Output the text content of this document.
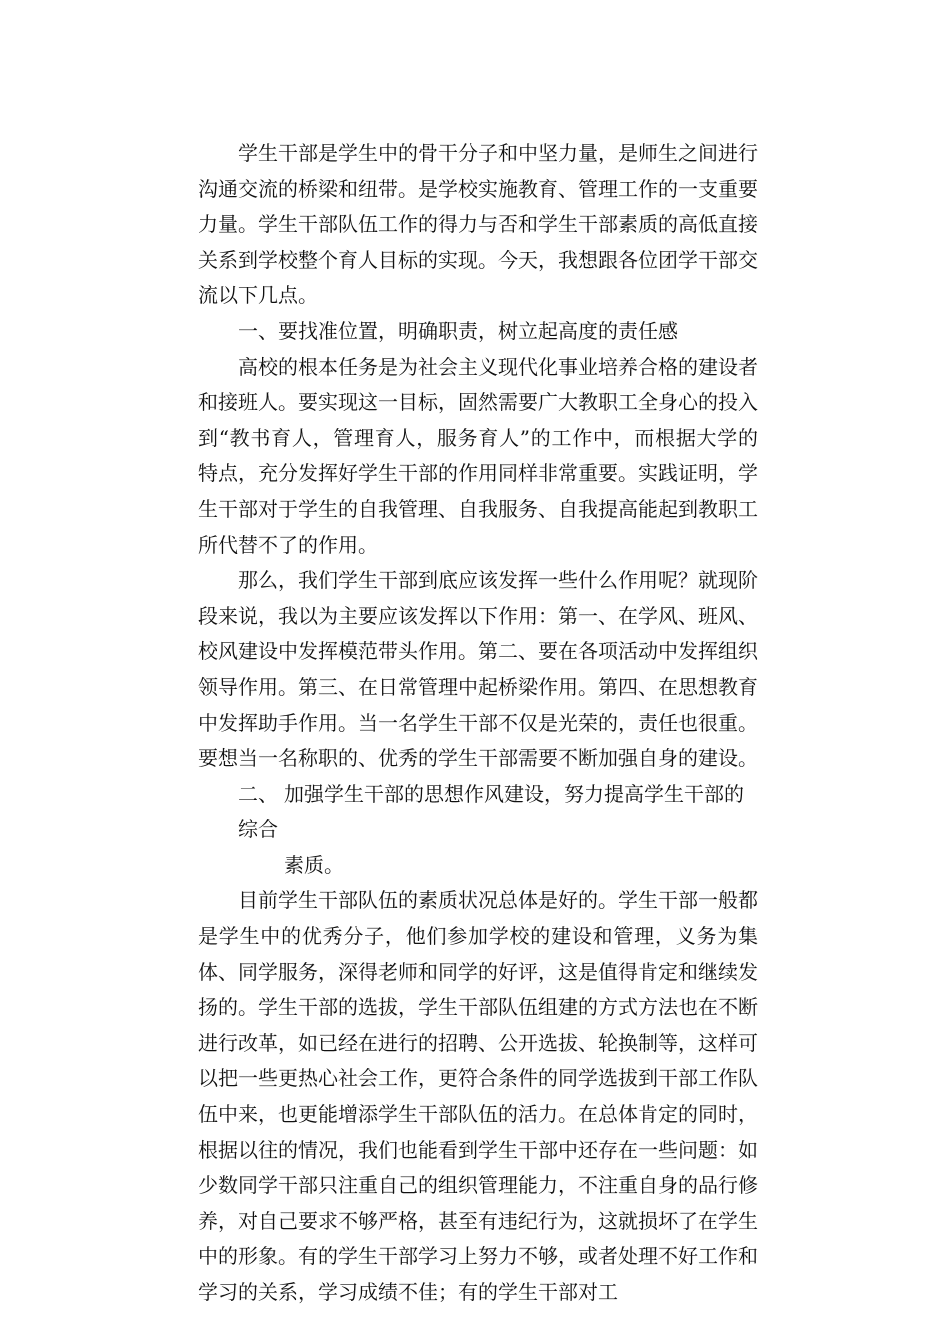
学生干部是学生中的骨干分子和中坚力量，是师生之间进行沟通交流的桥梁和纽带。是学校实施教育、管理工作的一支重要力量。学生干部队伍工作的得力与否和学生干部素质的高低直接关系到学校整个育人目标的实现。今天，我想跟各位团学干部交流以下几点。

一、要找准位置，明确职责，树立起高度的责任感

高校的根本任务是为社会主义现代化事业培养合格的建设者和接班人。要实现这一目标，固然需要广大教职工全身心的投入到“教书育人，管理育人，服务育人”的工作中，而根据大学的特点，充分发挥好学生干部的作用同样非常重要。实践证明，学生干部对于学生的自我管理、自我服务、自我提高能起到教职工所代替不了的作用。

那么，我们学生干部到底应该发挥一些什么作用呢？就现阶段来说，我以为主要应该发挥以下作用：第一、在学风、班风、校风建设中发挥模范带头作用。第二、要在各项活动中发挥组织领导作用。第三、在日常管理中起桥梁作用。第四、在思想教育中发挥助手作用。当一名学生干部不仅是光荣的，责任也很重。要想当一名称职的、优秀的学生干部需要不断加强自身的建设。

二、 加强学生干部的思想作风建设，努力提高学生干部的综合
素质。

目前学生干部队伍的素质状况总体是好的。学生干部一般都是学生中的优秀分子，他们参加学校的建设和管理，义务为集体、同学服务，深得老师和同学的好评，这是值得肯定和继续发扬的。学生干部的选拔，学生干部队伍组建的方式方法也在不断进行改革，如已经在进行的招聘、公开选拔、轮换制等，这样可以把一些更热心社会工作，更符合条件的同学选拔到干部工作队伍中来，也更能增添学生干部队伍的活力。在总体肯定的同时，根据以往的情况，我们也能看到学生干部中还存在一些问题：如少数同学干部只注重自己的组织管理能力，不注重自身的品行修养，对自己要求不够严格，甚至有违纪行为，这就损坏了在学生中的形象。有的学生干部学习上努力不够，或者处理不好工作和学习的关系，学习成绩不佳；有的学生干部对工
